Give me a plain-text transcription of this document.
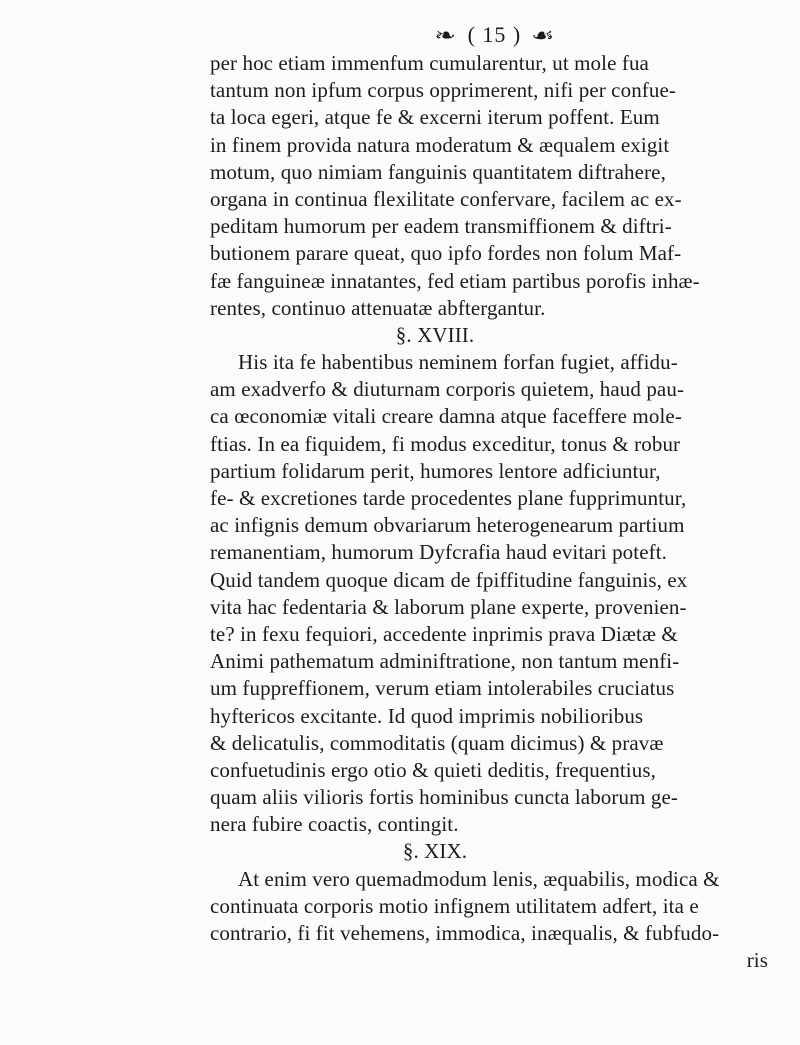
❧ ( 15 ) ☙
per hoc etiam immenfum cumularentur, ut mole fua
tantum non ipfum corpus opprimerent, nifi per confue-
ta loca egeri, atque fe & excerni iterum poffent. Eum
in finem provida natura moderatum & æqualem exigit
motum, quo nimiam fanguinis quantitatem diftrahere,
organa in continua flexilitate confervare, facilem ac ex-
peditam humorum per eadem transmiffionem & diftri-
butionem parare queat, quo ipfo fordes non folum Maf-
fæ fanguineæ innatantes, fed etiam partibus porofis inhæ-
rentes, continuo attenuatæ abftergantur.
§. XVIII.
His ita fe habentibus neminem forfan fugiet, affidu-
am exadverfo & diuturnam corporis quietem, haud pau-
ca œconomiæ vitali creare damna atque faceffere mole-
ftias. In ea fiquidem, fi modus exceditur, tonus & robur
partium folidarum perit, humores lentore adficiuntur,
fe- & excretiones tarde procedentes plane fupprimuntur,
ac infignis demum obvariarum heterogenearum partium
remanentiam, humorum Dyfcrafia haud evitari poteft.
Quid tandem quoque dicam de fpiffitudine fanguinis, ex
vita hac fedentaria & laborum plane experte, provenien-
te? in fexu fequiori, accedente inprimis prava Diætæ &
Animi pathematum adminiftratione, non tantum menfi-
um fuppreffionem, verum etiam intolerabiles cruciatus
hyftericos excitante. Id quod imprimis nobilioribus
& delicatulis, commoditatis (quam dicimus) & pravæ
confuetudinis ergo otio & quieti deditis, frequentius,
quam aliis vilioris fortis hominibus cuncta laborum ge-
nera fubire coactis, contingit.
§. XIX.
At enim vero quemadmodum lenis, æquabilis, modica &
continuata corporis motio infignem utilitatem adfert, ita e
contrario, fi fit vehemens, immodica, inæqualis, & fubfudo-
ris
